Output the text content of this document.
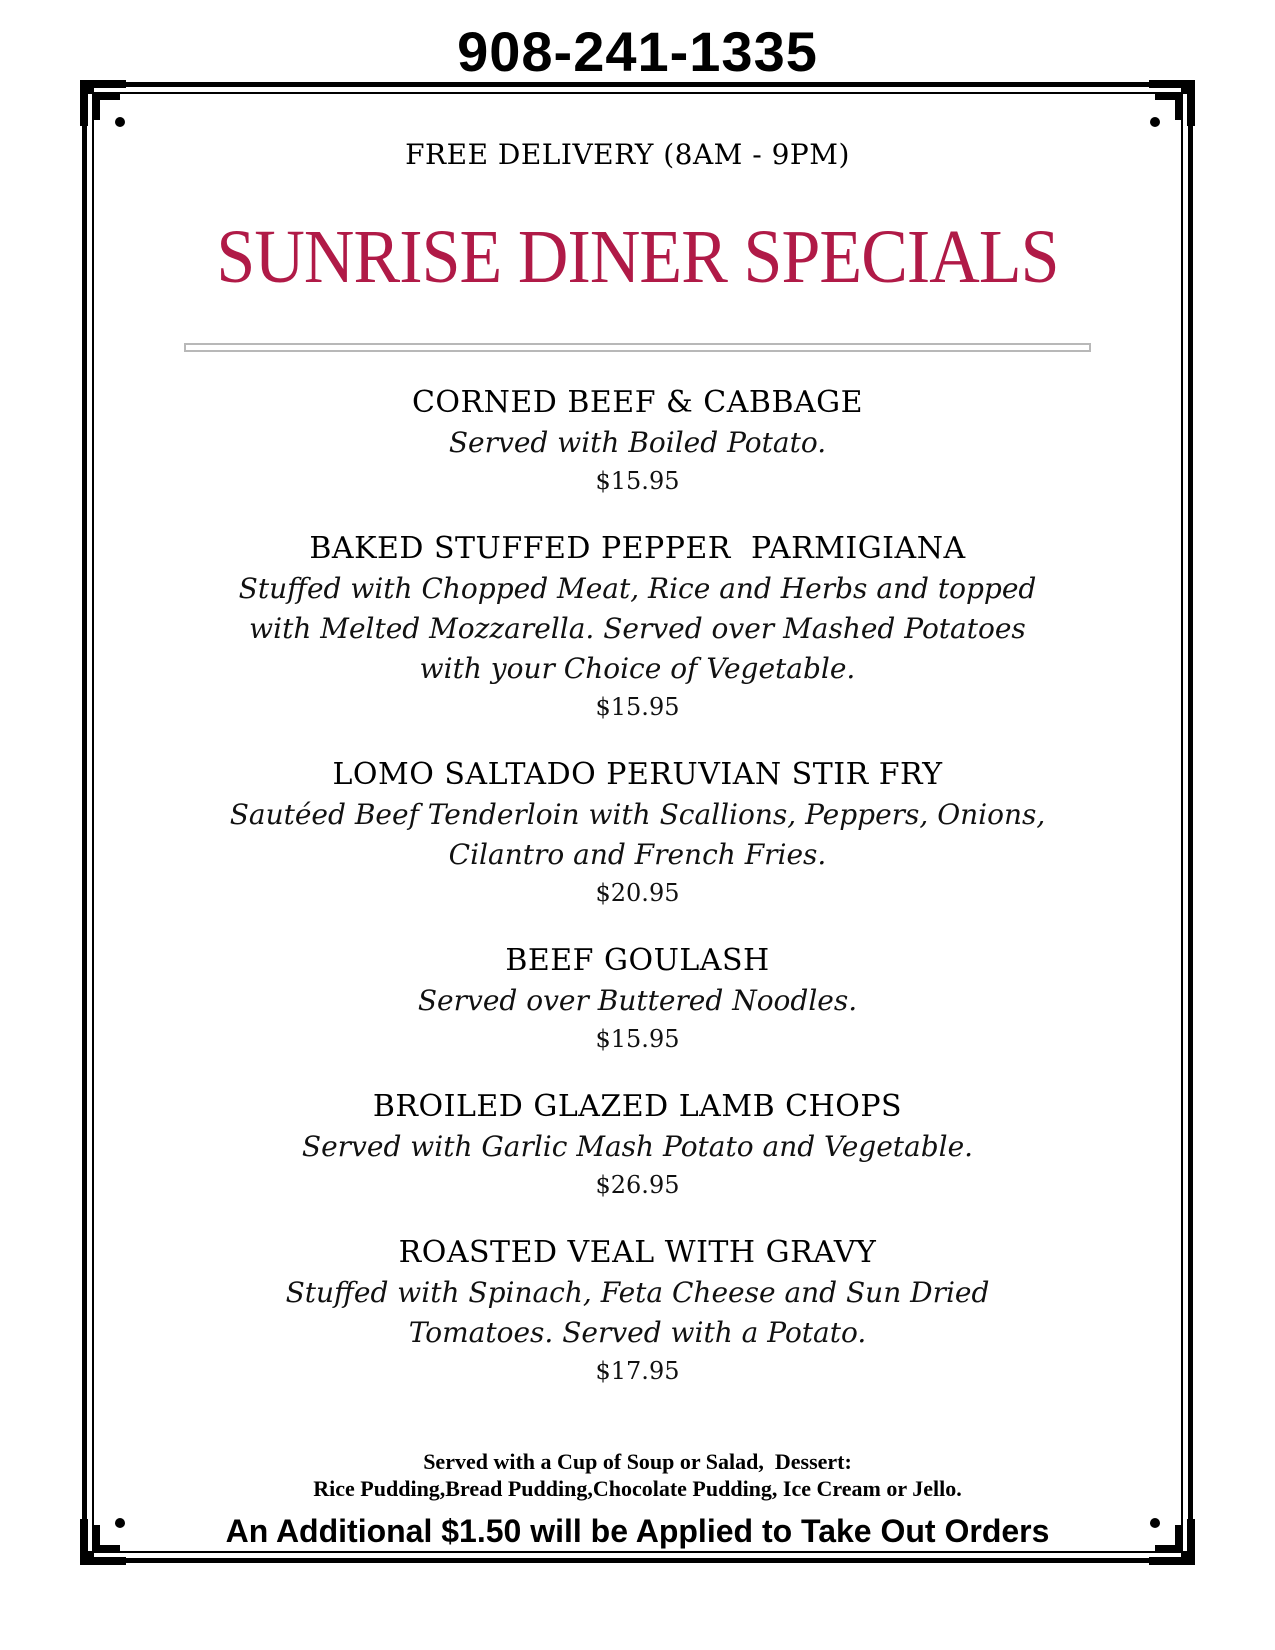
908-241-1335
FREE DELIVERY (8AM - 9PM)
SUNRISE DINER SPECIALS
CORNED BEEF & CABBAGE
Served with Boiled Potato.
$15.95
BAKED STUFFED PEPPER  PARMIGIANA
Stuffed with Chopped Meat, Rice and Herbs and topped with Melted Mozzarella. Served over Mashed Potatoes with your Choice of Vegetable.
$15.95
LOMO SALTADO PERUVIAN STIR FRY
Sautéed Beef Tenderloin with Scallions, Peppers, Onions, Cilantro and French Fries.
$20.95
BEEF GOULASH
Served over Buttered Noodles.
$15.95
BROILED GLAZED LAMB CHOPS
Served with Garlic Mash Potato and Vegetable.
$26.95
ROASTED VEAL WITH GRAVY
Stuffed with Spinach, Feta Cheese and Sun Dried Tomatoes. Served with a Potato.
$17.95
Served with a Cup of Soup or Salad,  Dessert:
Rice Pudding,Bread Pudding,Chocolate Pudding, Ice Cream or Jello.
An Additional $1.50 will be Applied to Take Out Orders
